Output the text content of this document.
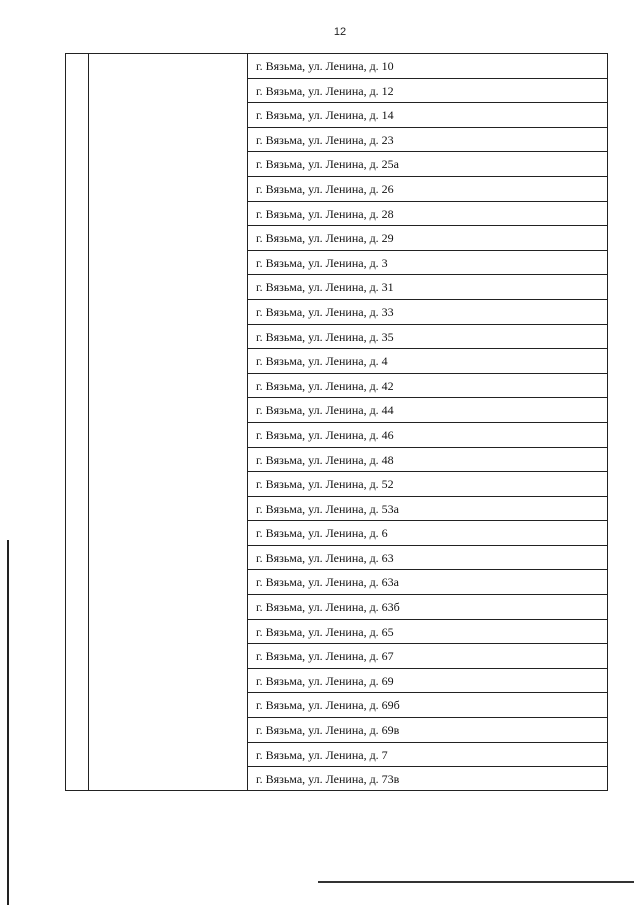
12
г. Вязьма, ул. Ленина, д. 10
г. Вязьма, ул. Ленина, д. 12
г. Вязьма, ул. Ленина, д. 14
г. Вязьма, ул. Ленина, д. 23
г. Вязьма, ул. Ленина, д. 25а
г. Вязьма, ул. Ленина, д. 26
г. Вязьма, ул. Ленина, д. 28
г. Вязьма, ул. Ленина, д. 29
г. Вязьма, ул. Ленина, д. 3
г. Вязьма, ул. Ленина, д. 31
г. Вязьма, ул. Ленина, д. 33
г. Вязьма, ул. Ленина, д. 35
г. Вязьма, ул. Ленина, д. 4
г. Вязьма, ул. Ленина, д. 42
г. Вязьма, ул. Ленина, д. 44
г. Вязьма, ул. Ленина, д. 46
г. Вязьма, ул. Ленина, д. 48
г. Вязьма, ул. Ленина, д. 52
г. Вязьма, ул. Ленина, д. 53а
г. Вязьма, ул. Ленина, д. 6
г. Вязьма, ул. Ленина, д. 63
г. Вязьма, ул. Ленина, д. 63а
г. Вязьма, ул. Ленина, д. 63б
г. Вязьма, ул. Ленина, д. 65
г. Вязьма, ул. Ленина, д. 67
г. Вязьма, ул. Ленина, д. 69
г. Вязьма, ул. Ленина, д. 69б
г. Вязьма, ул. Ленина, д. 69в
г. Вязьма, ул. Ленина, д. 7
г. Вязьма, ул. Ленина, д. 73в
